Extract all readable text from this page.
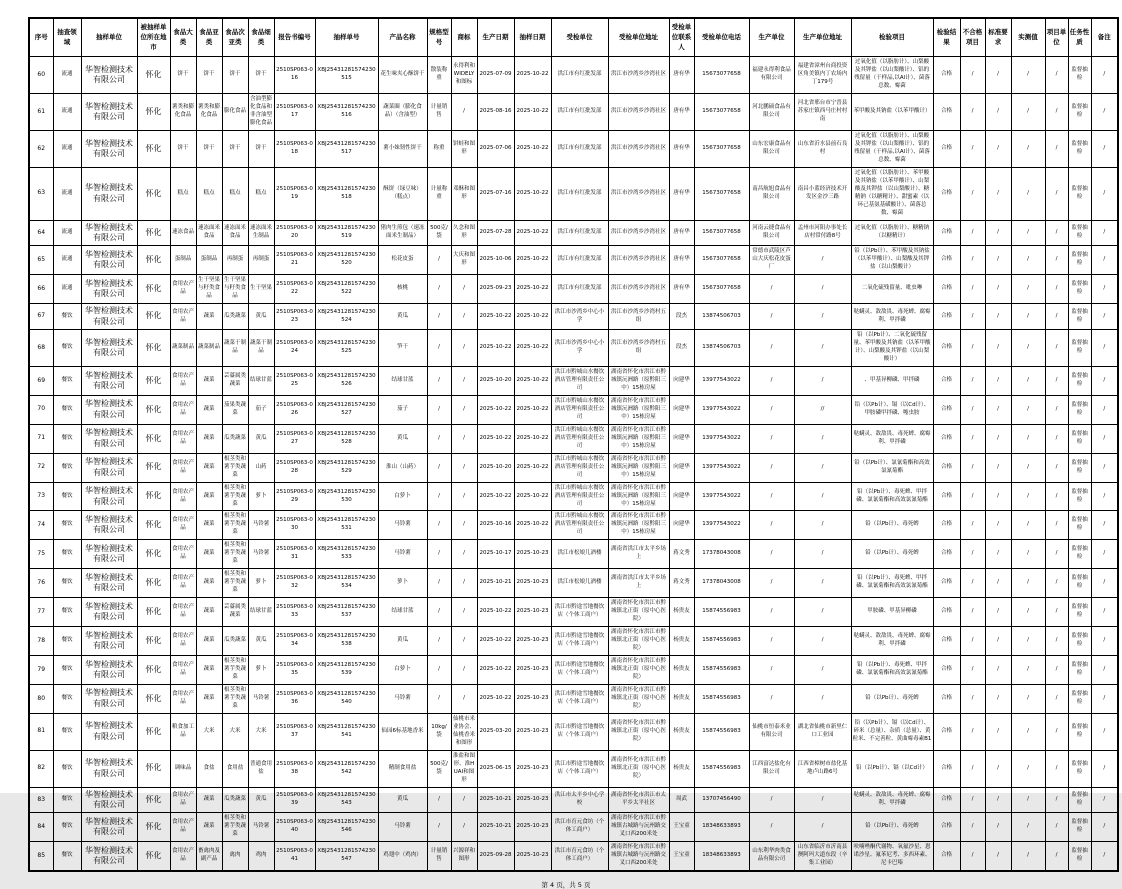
序号	抽查领域	抽样单位	被抽样单位所在地市	食品大类	食品亚类	食品次亚类	食品细类	报告书编号	抽样单号	产品名称	规格型号	商标	生产日期	抽样日期	受检单位	受检单位地址	受检单位联系人	受检单位电话	生产单位	生产单位地址	检验项目	检验结果	不合格项目	标准要求	实测值	项目单位	任务性质	备注
60	流通	华智检测技术有限公司	怀化	饼干	饼干	饼干	饼干	2510SP063-016	XBJ25431281574230515	花生味夹心酥饼干	散装称重	永得利和WIDELY和图标	2025-07-09	2025-10-22	洪江市有红批发部	洪江市沙湾乡沙湾社区	唐有华	15673077658	福建永得利食品有限公司	福建省漳州台商投资区角美镇内丁农场内丁179号	过氧化值（以脂肪计）、山梨酸及其钾盐（以山梨酸计）、铝的残留量（干样品,以Al计）、菌落总数、霉菌	合格	/	/	/	/	监督抽检	/
61	流通	华智检测技术有限公司	怀化	薯类和膨化食品	薯类和膨化食品	膨化食品	含油型膨化食品和非含油型膨化食品	2510SP063-017	XBJ25431281574230516	蔬菜圈（膨化食品）（含油型）	计量销售	/	2025-08-16	2025-10-22	洪江市有红批发部	洪江市沙湾乡沙湾社区	唐有华	15673077658	河北鹏硕食品有限公司	河北省邢台市宁晋县苏家庄镇西马庄村村南	苯甲酸及其钠盐（以苯甲酸计）	合格	/	/	/	/	监督抽检	/
62	流通	华智检测技术有限公司	怀化	饼干	饼干	饼干	饼干	2510SP063-018	XBJ25431281574230517	薯小妹韧性饼干	称重	饼蛙和图形	2025-07-06	2025-10-22	洪江市有红批发部	洪江市沙湾乡沙湾社区	唐有华	15673077658	山东宏康食品有限公司	山东省沂水县前石良村	过氧化值（以脂肪计）、山梨酸及其钾盐（以山梨酸计）、铝的残留量（干样品,以Al计）、菌落总数、霉菌	合格	/	/	/	/	监督抽检	/
63	流通	华智检测技术有限公司	怀化	糕点	糕点	糕点	糕点	2510SP063-019	XBJ25431281574230518	酥饼（绿豆味）（糕点）	计量称重	邓酥和图形	2025-07-16	2025-10-22	洪江市有红批发部	洪江市沙湾乡沙湾社区	唐有华	15673077658	南昌航旭食品有限公司	南昌小蓝经济技术开发区金沙三路	过氧化值（以脂肪计）、苯甲酸及其钠盐（以苯甲酸计）、山梨酸及其钾盐（以山梨酸计）、糖精钠（以糖精计）、甜蜜素（以环己基氨基磺酸计）、菌落总数、霉菌	合格	/	/	/	/	监督抽检	/
64	流通	华智检测技术有限公司	怀化	速冻食品	速冻面米食品	速冻面米食品	速冻面米生制品	2510SP063-020	XBJ25431281574230519	猪肉生煎包（速冻面米生制品）	500克/袋	久念和图形	2025-07-28	2025-10-22	洪江市有红批发部	洪江市沙湾乡沙湾社区	唐有华	15673077658	河南云捷食品有限公司	孟州市河阳办事处长店村常付路8号	过氧化值（以脂肪计）、糖精钠（以糖精计）	合格	/	/	/	/	监督抽检	/
65	流通	华智检测技术有限公司	怀化	蛋制品	蛋制品	再制蛋	再制蛋	2510SP063-021	XBJ25431281574230520	松花皮蛋	/	大庆和图形	2025-10-06	2025-10-22	洪江市有红批发部	洪江市沙湾乡沙湾社区	唐有华	15673077658	常德市武陵区芦山大庆松花皮蛋厂	/	铅（以Pb计）、苯甲酸及其钠盐（以苯甲酸计）、山梨酸及其钾盐（以山梨酸计）	合格	/	/	/	/	监督抽检	/
66	流通	华智检测技术有限公司	怀化	食用农产品	生干坚果与籽类食品	生干坚果与籽类食品	生干坚果	2510SP063-022	XBJ25431281574230522	核桃	/	/	2025-09-23	2025-10-22	洪江市有红批发部	洪江市沙湾乡沙湾社区	唐有华	15673077658	/	/	二氧化硫残留量、吡虫啉	合格	/	/	/	/	监督抽检	/
67	餐饮	华智检测技术有限公司	怀化	食用农产品	蔬菜	瓜类蔬菜	黄瓜	2510SP063-023	XBJ25431281574230524	黄瓜	/	/	2025-10-22	2025-10-22	洪江市沙湾乡中心小学	洪江市沙湾乡沙湾村五组	段杰	13874506703	/	/	哒螨灵、敌敌畏、毒死蜱、腐霉利、甲拌磷	合格	/	/	/	/	监督抽检	/
68	餐饮	华智检测技术有限公司	怀化	蔬菜制品	蔬菜制品	蔬菜干制品	蔬菜干制品	2510SP063-024	XBJ25431281574230525	笋干	/	/	2025-10-22	2025-10-22	洪江市沙湾乡中心小学	洪江市沙湾乡沙湾村五组	段杰	13874506703	/	/	铅（以Pb计）、二氧化硫残留量、苯甲酸及其钠盐（以苯甲酸计）、山梨酸及其钾盐（以山梨酸计）	合格	/	/	/	/	监督抽检	/
69	餐饮	华智检测技术有限公司	怀化	食用农产品	蔬菜	芸薹属类蔬菜	结球甘蓝	2510SP063-025	XBJ25431281574230526	结球甘蓝	/	/	2025-10-20	2025-10-22	洪江市黔城山水餐饮酒店管理有限责任公司	湖南省怀化市洪江市黔城镇沅洲路（原黔阳三中）15栋房屋	向建华	13977543022	/	/	、甲基异柳磷、甲拌磷	合格	/	/	/	/	监督抽检	/
70	餐饮	华智检测技术有限公司	怀化	食用农产品	蔬菜	茄果类蔬菜	茄子	2510SP063-026	XBJ25431281574230527	茄子	/	/	2025-10-22	2025-10-22	洪江市黔城山水餐饮酒店管理有限责任公司	湖南省怀化市洪江市黔城镇沅洲路（原黔阳三中）15栋房屋	向建华	13977543022	/	//	铅（以Pb计）、镉（以Cd计）、甲胺磷甲拌磷、噻虫胺	合格	/	/	/	/	监督抽检	/
71	餐饮	华智检测技术有限公司	怀化	食用农产品	蔬菜	瓜类蔬菜	黄瓜	2510SP063-027	XBJ25431281574230528	黄瓜	/	/	2025-10-22	2025-10-22	洪江市黔城山水餐饮酒店管理有限责任公司	湖南省怀化市洪江市黔城镇沅洲路（原黔阳三中）15栋房屋	向建华	13977543022	/	/	哒螨灵、敌敌畏、毒死蜱、腐霉利、甲拌磷	合格	/	/	/	/	监督抽检	/
72	餐饮	华智检测技术有限公司	怀化	食用农产品	蔬菜	根茎类和薯芋类蔬菜	山药	2510SP063-028	XBJ25431281574230529	淮山（山药）	/	/	2025-10-20	2025-10-22	洪江市黔城山水餐饮酒店管理有限责任公司	湖南省怀化市洪江市黔城镇沅洲路（原黔阳三中）15栋房屋	向建华	13977543022	/	/	铅（以Pb计）、氯氰菊酯和高效氯氰菊酯	合格	/	/	/	/	监督抽检	/
73	餐饮	华智检测技术有限公司	怀化	食用农产品	蔬菜	根茎类和薯芋类蔬菜	萝卜	2510SP063-029	XBJ25431281574230530	白萝卜	/	/	2025-10-22	2025-10-22	洪江市黔城山水餐饮酒店管理有限责任公司	湖南省怀化市洪江市黔城镇沅洲路（原黔阳三中）15栋房屋	向建华	13977543022	/	/	铅（以Pb计）、毒死蜱、甲拌磷、氯氰菊酯和高效氯氰菊酯	合格	/	/	/	/	监督抽检	/
74	餐饮	华智检测技术有限公司	怀化	食用农产品	蔬菜	根茎类和薯芋类蔬菜	马铃薯	2510SP063-030	XBJ25431281574230531	马铃薯	/	/	2025-10-16	2025-10-22	洪江市黔城山水餐饮酒店管理有限责任公司	湖南省怀化市洪江市黔城镇沅洲路（原黔阳三中）15栋房屋	向建华	13977543022	/	/	铅（以Pb计）、毒死蜱	合格	/	/	/	/	监督抽检	/
75	餐饮	华智检测技术有限公司	怀化	食用农产品	蔬菜	根茎类和薯芋类蔬菜	马铃薯	2510SP063-031	XBJ25431281574230533	马铃薯	/	/	2025-10-17	2025-10-23	洪江市松娘儿酒楼	湖南省洪江市太平乡场上	蒋文秀	17378043008	/	/	铅（以Pb计）、毒死蜱	合格	/	/	/	/	监督抽检	/
76	餐饮	华智检测技术有限公司	怀化	食用农产品	蔬菜	根茎类和薯芋类蔬菜	萝卜	2510SP063-032	XBJ25431281574230534	萝卜	/	/	2025-10-21	2025-10-23	洪江市松娘儿酒楼	湖南省洪江市太平乡场上	蒋文秀	17378043008	/	/	铅（以Pb计）、毒死蜱、甲拌磷、氯氰菊酯和高效氯氰菊酯	合格	/	/	/	/	监督抽检	/
77	餐饮	华智检测技术有限公司	怀化	食用农产品	蔬菜	芸薹属类蔬菜	结球甘蓝	2510SP063-033	XBJ25431281574230537	结球甘蓝	/	/	2025-10-22	2025-10-23	洪江市黔途雪地餐饮店（个体工商户）	湖南省怀化市洪江市黔城镇北正街（原中心医院）	杨贵友	15874556983	/	/	甲胺磷、甲基异柳磷	合格	/	/	/	/	监督抽检	/
78	餐饮	华智检测技术有限公司	怀化	食用农产品	蔬菜	瓜类蔬菜	黄瓜	2510SP063-034	XBJ25431281574230538	黄瓜	/	/	2025-10-22	2025-10-23	洪江市黔途雪地餐饮店（个体工商户）	湖南省怀化市洪江市黔城镇北正街（原中心医院）	杨贵友	15874556983	/	/	哒螨灵、敌敌畏、毒死蜱、腐霉利、甲拌磷	合格	/	/	/	/	监督抽检	/
79	餐饮	华智检测技术有限公司	怀化	食用农产品	蔬菜	根茎类和薯芋类蔬菜	萝卜	2510SP063-035	XBJ25431281574230539	白萝卜	/	/	2025-10-22	2025-10-23	洪江市黔途雪地餐饮店（个体工商户）	湖南省怀化市洪江市黔城镇北正街（原中心医院）	杨贵友	15874556983	/	/	铅（以Pb计）、毒死蜱、甲拌磷、氯氰菊酯和高效氯氰菊酯	合格	/	/	/	/	监督抽检	/
80	餐饮	华智检测技术有限公司	怀化	食用农产品	蔬菜	根茎类和薯芋类蔬菜	马铃薯	2510SP063-036	XBJ25431281574230540	马铃薯	/	/	2025-10-22	2025-10-23	洪江市黔途雪地餐饮店（个体工商户）	湖南省怀化市洪江市黔城镇北正街（原中心医院）	杨贵友	15874556983	/	/	铅（以Pb计）、毒死蜱	合格	/	/	/	/	监督抽检	/
81	餐饮	华智检测技术有限公司	怀化	粮食加工品	大米	大米	大米	2510SP063-037	XBJ25431281574230541	仙园6标基地香米	10kg/袋	仙桃市米业协会、仙桃香米和图形	2025-03-20	2025-10-23	洪江市黔途雪地餐饮店（个体工商户）	湖南省怀化市洪江市黔城镇北正街（原中心医院）	杨贵友	15874556983	仙桃市恒泰米业有限公司	湖北省仙桃市新里仁口工业园	铅（以Pb计）、镉（以Cd计）、碎米（总量）、杂质（总量）、黄粒米、不完善粒、黄曲霉毒素B1	合格	/	/	/	/	监督抽检	/
82	餐饮	华智检测技术有限公司	怀化	调味品	食盐	食用盐	普通食用盐	2510SP063-038	XBJ25431281574230542	精制食用盐	500克/袋	淮盐和图形、淮HUAI和图形	2025-06-15	2025-10-23	洪江市黔途雪地餐饮店（个体工商户）	湖南省怀化市洪江市黔城镇北正街（原中心医院）	杨贵友	15874556983	江西富达盐化有限公司	江西省樟树市盐化基地卢山路6号	铅（以Pb计）、镉（以Cd计）	合格	/	/	/	/	监督抽检	/
83	餐饮	华智检测技术有限公司	怀化	食用农产品	蔬菜	瓜类蔬菜	黄瓜	2510SP063-039	XBJ25431281574230543	黄瓜	/	/	2025-10-21	2025-10-23	洪江市太平乡中心学校	湖南省怀化市洪江市太平乡太平社区	周武	13707456490	/	/	哒螨灵、敌敌畏、毒死蜱、腐霉利、甲拌磷	合格	/	/	/	/	监督抽检	/
84	餐饮	华智检测技术有限公司	怀化	食用农产品	蔬菜	根茎类和薯芋类蔬菜	马铃薯	2510SP063-040	XBJ25431281574230546	马铃薯	/	/	2025-10-21	2025-10-23	洪江市育元食坊（个体工商户）	湖南省怀化市洪江市黔城镇古城路与沅州路交叉口西200米处	王宝童	18348633893	/	/	铅（以Pb计）、毒死蜱	合格	/	/	/	/	监督抽检	/
85	餐饮	华智检测技术有限公司	怀化	食用农产品	畜禽肉及副产品	禽肉	鸡肉	2510SP063-041	XBJ25431281574230547	鸡翅中（鸡肉）	计量销售	兴源祥和图形	2025-09-28	2025-10-23	洪江市育元食坊（个体工商户）	湖南省怀化市洪江市黔城镇古城路与沅州路交叉口西200米处	王宝童	18348633893	山东利华肉类食品有限公司	山东省临沂市沂南县澳阿玛大道东段（辛集工业园）	呋喃唑酮代谢物、氧氟沙星、恩诺沙星、氟苯尼考、多西环素、尼卡巴嗪	合格	/	/	/	/	监督抽检	/
第 4 页，共 5 页
